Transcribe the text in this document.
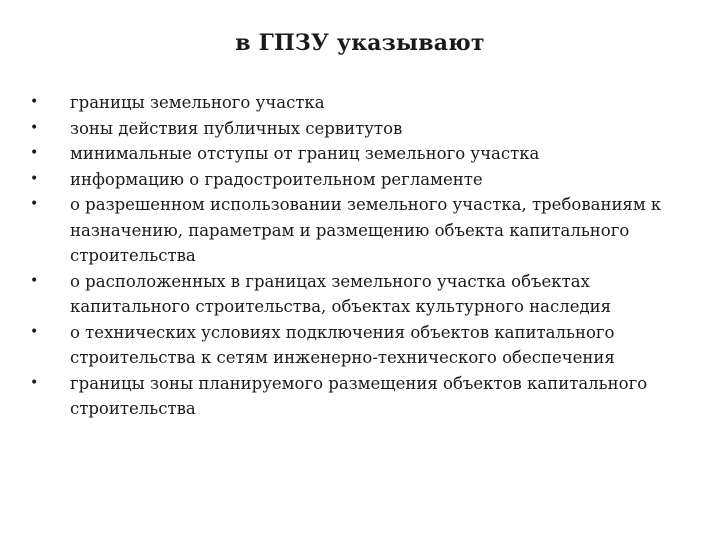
в ГПЗУ указывают
•	границы земельного участка
•	зоны действия публичных сервитутов
•	минимальные отступы от границ земельного участка
•	информацию о градостроительном регламенте
•	о разрешенном использовании земельного участка, требованиям к назначению, параметрам и размещению объекта капитального строительства
•	о расположенных в границах земельного участка объектах капитального строительства, объектах культурного наследия
•	о технических условиях подключения объектов капитального строительства к сетям инженерно-технического обеспечения
•	границы зоны планируемого размещения объектов капитального строительства
